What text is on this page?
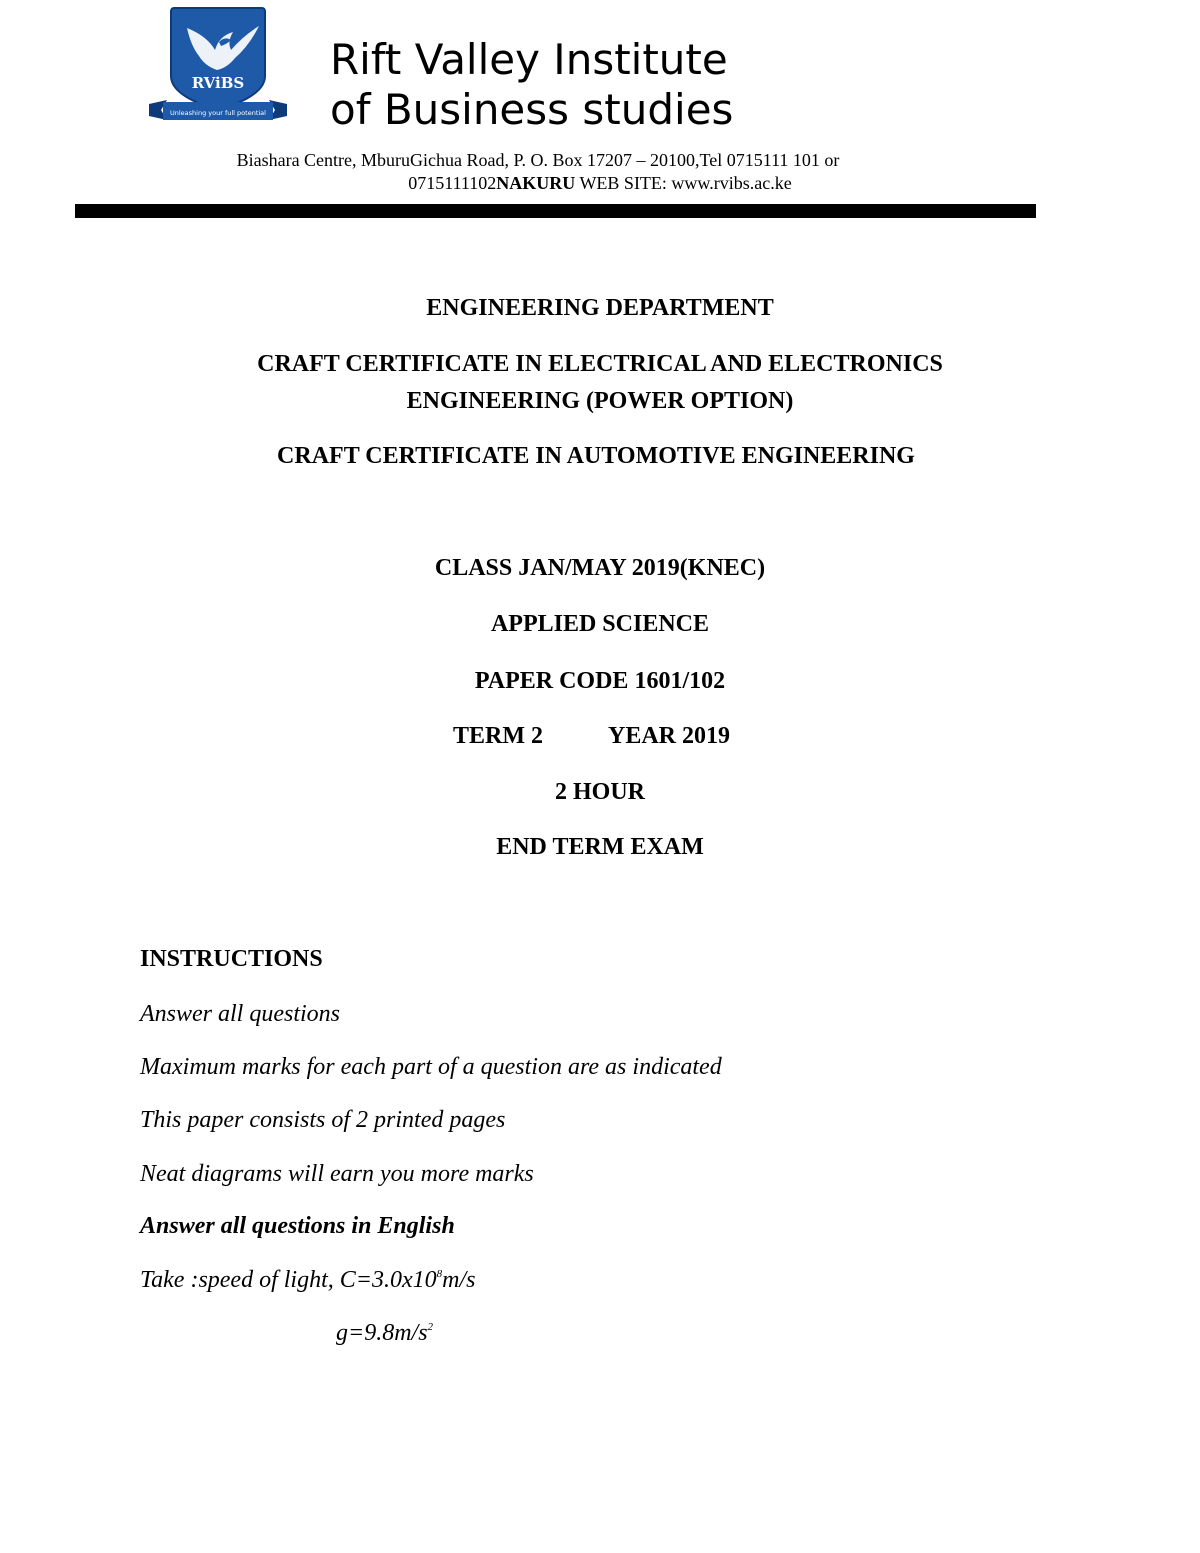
RViBS
Unleashing your full potential
Rift Valley Institute
of Business studies
Biashara Centre, MburuGichua Road, P. O. Box 17207 – 20100,Tel 0715111 101 or
0715111102NAKURU WEB SITE: www.rvibs.ac.ke
ENGINEERING DEPARTMENT
CRAFT CERTIFICATE IN ELECTRICAL AND ELECTRONICS
ENGINEERING (POWER OPTION)
CRAFT CERTIFICATE IN AUTOMOTIVE ENGINEERING
CLASS JAN/MAY 2019(KNEC)
APPLIED SCIENCE
PAPER CODE 1601/102
TERM 2	YEAR 2019
2 HOUR
END TERM EXAM
INSTRUCTIONS
Answer all questions
Maximum marks for each part of a question are as indicated
This paper consists of 2 printed pages
Neat diagrams will earn you more marks
Answer all questions in English
Take :speed of light, $C=3.0x10^8m/s$
$g=9.8m/s^2$
